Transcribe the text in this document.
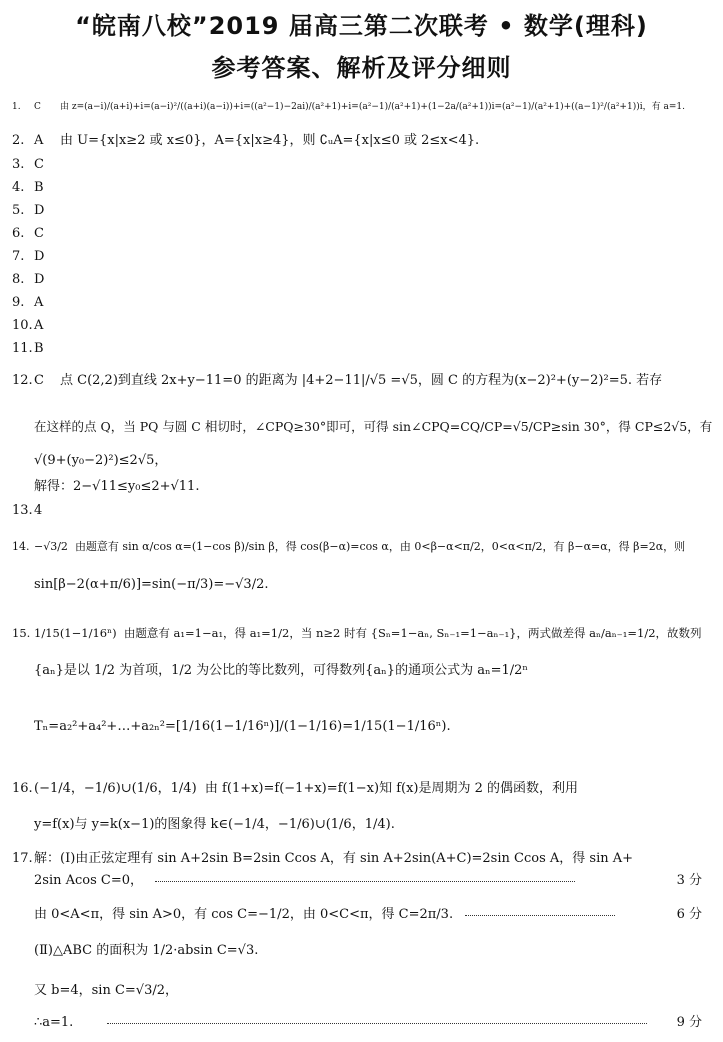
“皖南八校”2019 届高三第二次联考 • 数学(理科)
参考答案、解析及评分细则
1. C 由 z=(a−i)/(a+i)+i=(a−i)²/((a+i)(a−i))+i=((a²−1)−2ai)/(a²+1)+i=(a²−1)/(a²+1)+(1−2a/(a²+1))i=(a²−1)/(a²+1)+((a−1)²/(a²+1))i，有 a=1.
2. A 由 U={x|x≥2 或 x≤0}，A={x|x≥4}，则 ∁ᵤA={x|x≤0 或 2≤x<4}.
3. C
4. B
5. D
6. C
7. D
8. D
9. A
10.A
11.B
12.C 点 C(2,2)到直线 2x+y−11=0 的距离为 |4+2−11|/√5 =√5，圆 C 的方程为(x−2)²+(y−2)²=5. 若存
在这样的点 Q，当 PQ 与圆 C 相切时，∠CPQ≥30°即可，可得 sin∠CPQ=CQ/CP=√5/CP≥sin 30°，得 CP≤2√5，有
√(9+(y₀−2)²)≤2√5，
解得：2−√11≤y₀≤2+√11.
13.4
14. −√3/2 由题意有 sin α/cos α=(1−cos β)/sin β，得 cos(β−α)=cos α，由 0<β−α<π/2，0<α<π/2，有 β−α=α，得 β=2α，则
sin[β−2(α+π/6)]=sin(−π/3)=−√3/2.
15. 1/15(1−1/16ⁿ) 由题意有 a₁=1−a₁，得 a₁=1/2，当 n≥2 时有 {Sₙ=1−aₙ, Sₙ₋₁=1−aₙ₋₁}，两式做差得 aₙ/aₙ₋₁=1/2，故数列
{aₙ}是以 1/2 为首项，1/2 为公比的等比数列，可得数列{aₙ}的通项公式为 aₙ=1/2ⁿ
Tₙ=a₂²+a₄²+…+a₂ₙ²=[1/16(1−1/16ⁿ)]/(1−1/16)=1/15(1−1/16ⁿ).
16.(−1/4，−1/6)∪(1/6，1/4) 由 f(1+x)=f(−1+x)=f(1−x)知 f(x)是周期为 2 的偶函数，利用
y=f(x)与 y=k(x−1)的图象得 k∈(−1/4，−1/6)∪(1/6，1/4).
17.解：(Ⅰ)由正弦定理有 sin A+2sin B=2sin Ccos A，有 sin A+2sin(A+C)=2sin Ccos A，得 sin A+
2sin Acos C=0，	3 分
由 0<A<π，得 sin A>0，有 cos C=−1/2，由 0<C<π，得 C=2π/3.	6 分
(Ⅱ)△ABC 的面积为 1/2·absin C=√3.
又 b=4，sin C=√3/2，
∴a=1.	9 分
